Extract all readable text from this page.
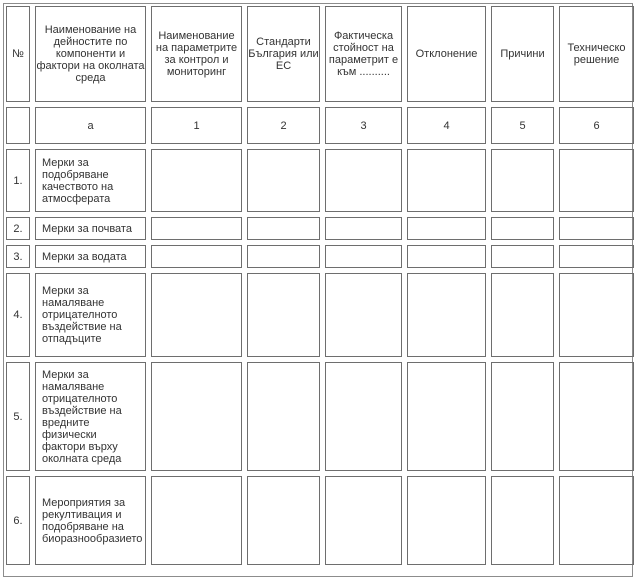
№	Наименование на дейностите по компоненти и фактори на околната среда	Наименование на параметрите за контрол и мониторинг	Стандарти България или ЕС	Фактическа стойност на параметрит е към ..........	Отклонение	Причини	Техническо решение
	a	1	2	3	4	5	6
1.	Мерки за подобряване качеството на атмосферата						
2.	Мерки за почвата						
3.	Мерки за водата						
4.	Мерки за намаляване отрицателното въздействие на отпадъците						
5.	Мерки за намаляване отрицателното въздействие на вредните физически фактори върху околната среда						
6.	Мероприятия за рекултивация и подобряване на биоразнообразието						
